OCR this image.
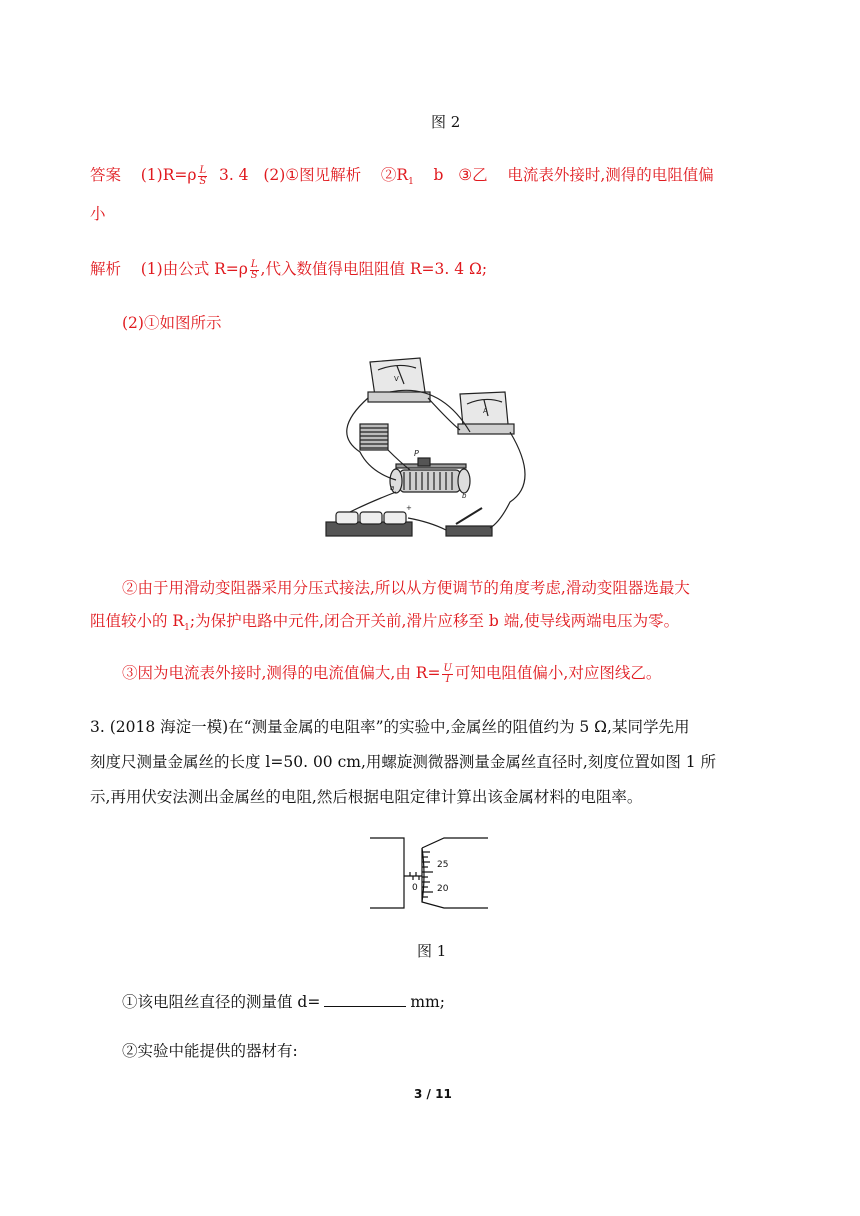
图 2
答案 $(1)R=\rho \frac{L}{S} 3$. 4 (2)①图见解析 $②R_1$ b ③乙 电流表外接时,测得的电阻值偏
小
解析 (1)由公式 $R=\rho \frac{L}{S}$ ,代入数值得电阻阻值 R=3. 4 Ω;
(2)①如图所示
V
A
P
a
b
+
②由于用滑动变阻器采用分压式接法,所以从方便调节的角度考虑,滑动变阻器选最大
阻值较小的 $R_1$;为保护电路中元件,闭合开关前,滑片应移至 b 端,使导线两端电压为零。
③因为电流表外接时,测得的电流值偏大,由 $R= \frac{U}{I}$ 可知电阻值偏小,对应图线乙。
3. (2018 海淀一模)在“测量金属的电阻率”的实验中,金属丝的阻值约为 5 Ω,某同学先用
刻度尺测量金属丝的长度 l=50. 00 cm,用螺旋测微器测量金属丝直径时,刻度位置如图 1 所
示,再用伏安法测出金属丝的电阻,然后根据电阻定律计算出该金属材料的电阻率。
25
20
0
图 1
①该电阻丝直径的测量值 d=	mm;
②实验中能提供的器材有:
3 / 11
